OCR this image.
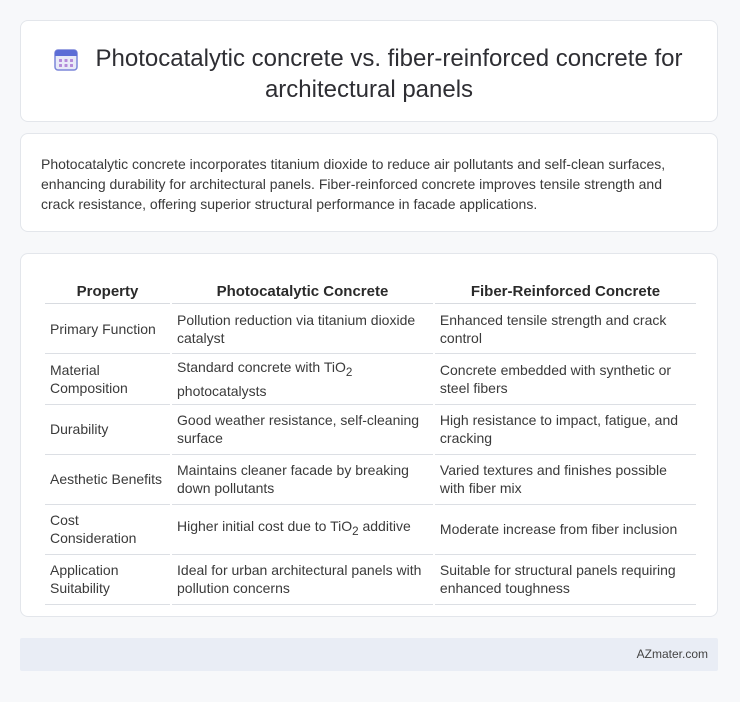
Photocatalytic concrete vs. fiber-reinforced concrete for
architectural panels
Photocatalytic concrete incorporates titanium dioxide to reduce air pollutants and self-clean surfaces, enhancing durability for architectural panels. Fiber-reinforced concrete improves tensile strength and crack resistance, offering superior structural performance in facade applications.
Property	Photocatalytic Concrete	Fiber-Reinforced Concrete
Primary Function	Pollution reduction via titanium dioxide catalyst	Enhanced tensile strength and crack control
Material Composition	Standard concrete with TiO$_2$ photocatalysts	Concrete embedded with synthetic or steel fibers
Durability	Good weather resistance, self-cleaning surface	High resistance to impact, fatigue, and cracking
Aesthetic Benefits	Maintains cleaner facade by breaking down pollutants	Varied textures and finishes possible with fiber mix
Cost Consideration	Higher initial cost due to TiO$_2$ additive	Moderate increase from fiber inclusion
Application Suitability	Ideal for urban architectural panels with pollution concerns	Suitable for structural panels requiring enhanced toughness
AZmater.com
